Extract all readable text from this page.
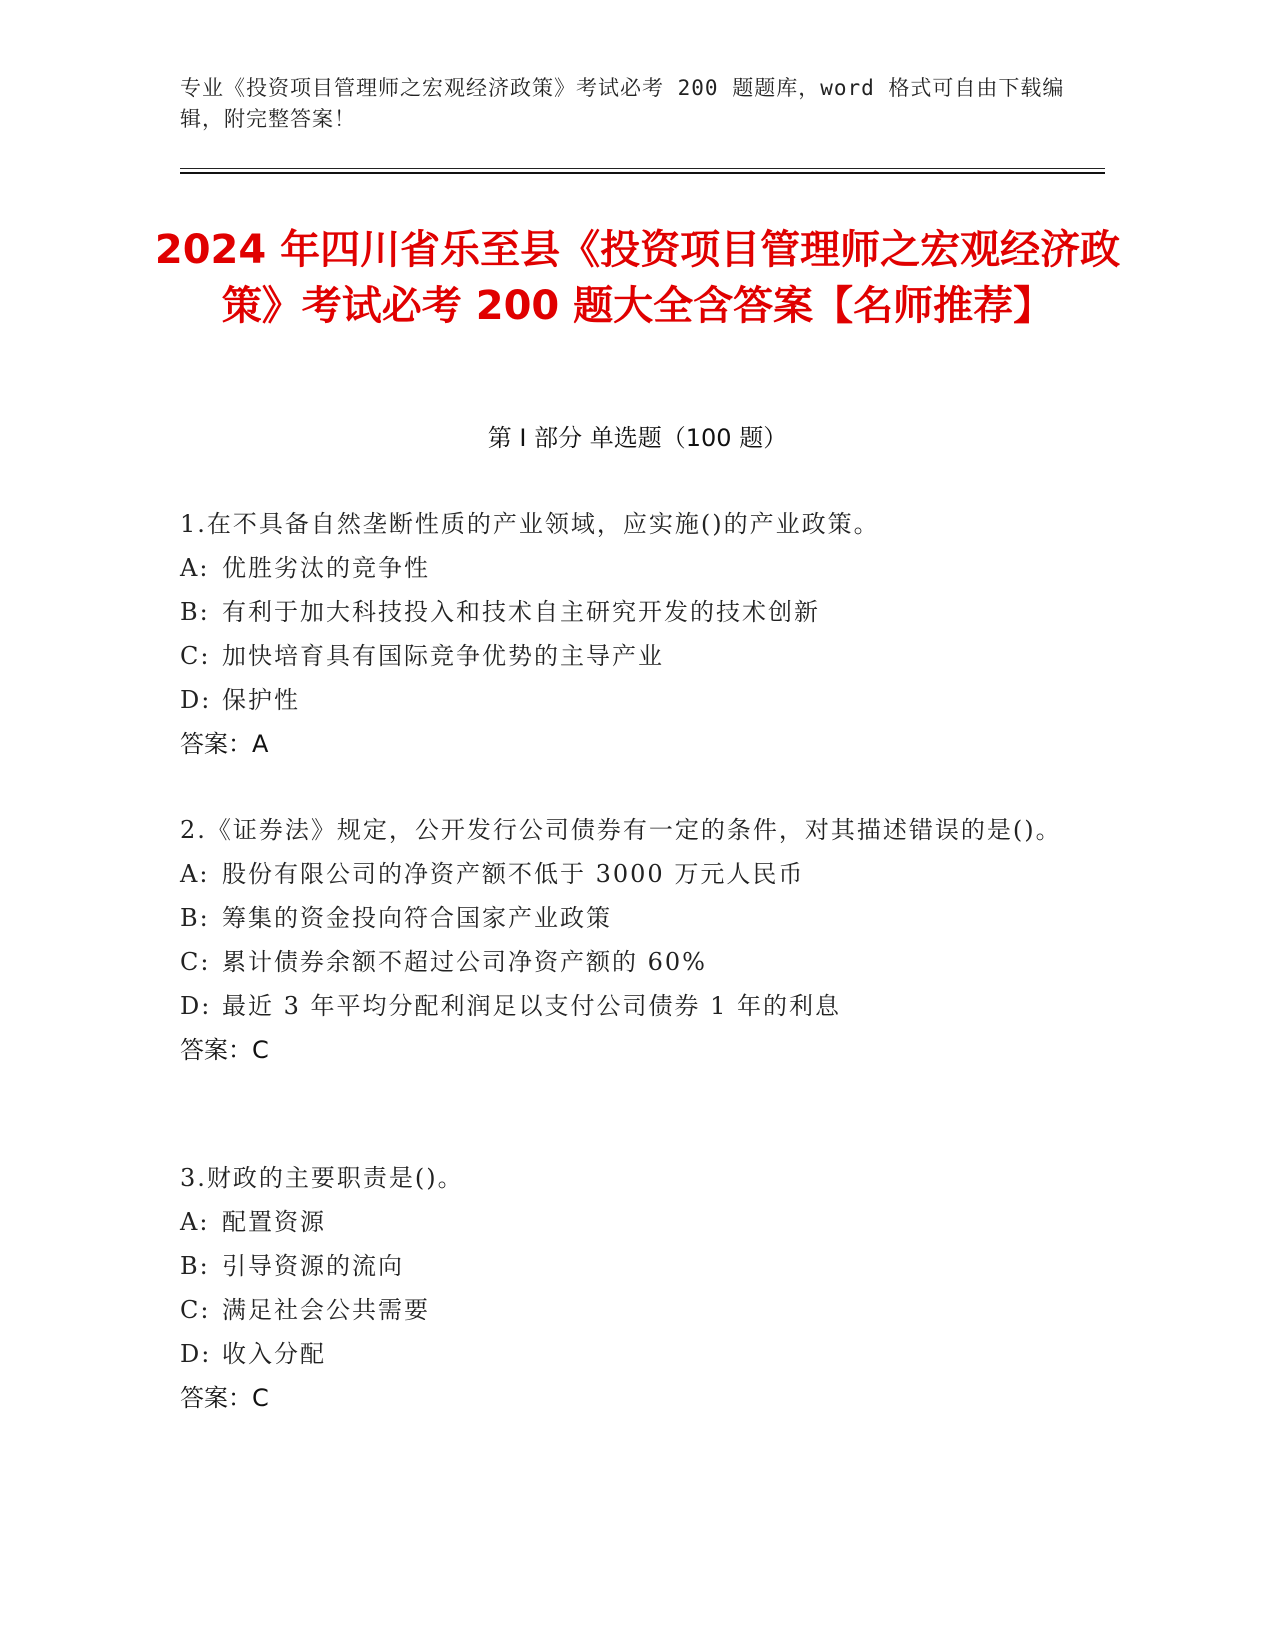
专业《投资项目管理师之宏观经济政策》考试必考 200 题题库，word 格式可自由下载编辑，附完整答案！
2024 年四川省乐至县《投资项目管理师之宏观经济政策》考试必考 200 题大全含答案【名师推荐】
第 I 部分 单选题（100 题）
1.在不具备自然垄断性质的产业领域，应实施()的产业政策。
A: 优胜劣汰的竞争性
B: 有利于加大科技投入和技术自主研究开发的技术创新
C: 加快培育具有国际竞争优势的主导产业
D: 保护性
答案：A
2.《证券法》规定，公开发行公司债券有一定的条件，对其描述错误的是()。
A: 股份有限公司的净资产额不低于 3000 万元人民币
B: 筹集的资金投向符合国家产业政策
C: 累计债券余额不超过公司净资产额的 60%
D: 最近 3 年平均分配利润足以支付公司债券 1 年的利息
答案：C
3.财政的主要职责是()。
A: 配置资源
B: 引导资源的流向
C: 满足社会公共需要
D: 收入分配
答案：C
